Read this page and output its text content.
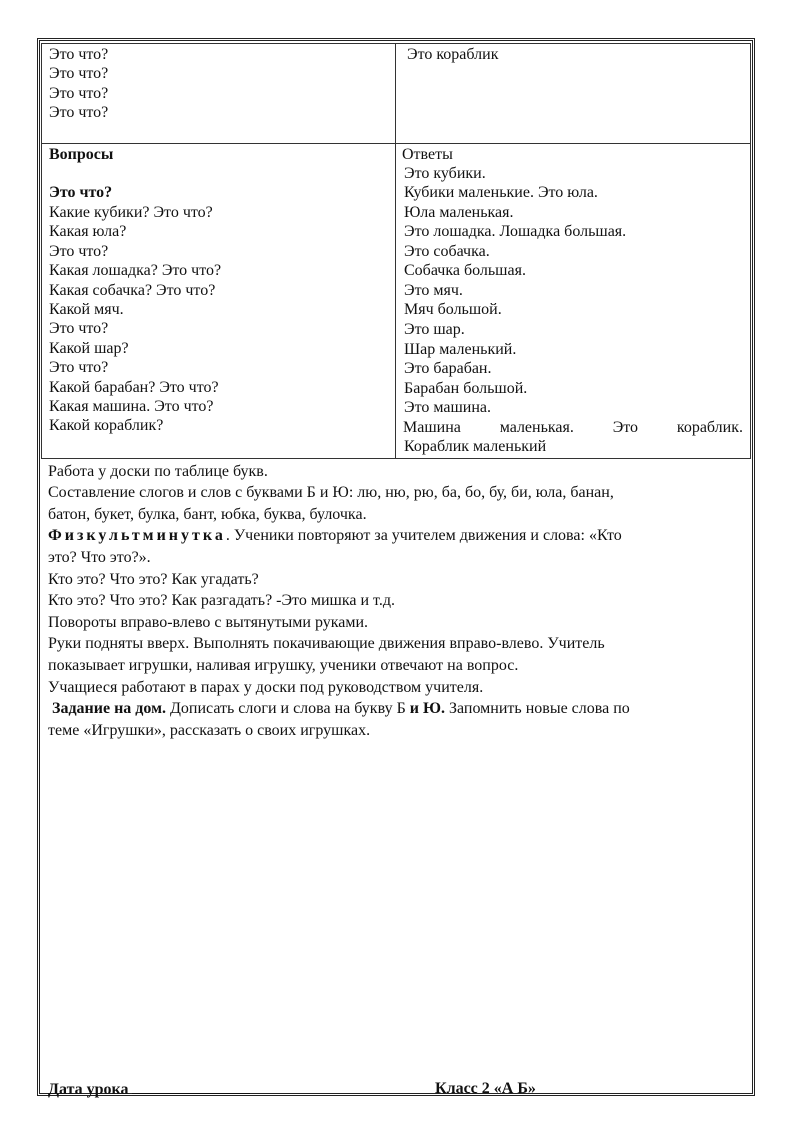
Это что?
Это что?
Это что?
Это что?
Это кораблик
Вопросы
Это что?
Какие кубики? Это что?
Какая юла?
Это что?
Какая лошадка? Это что?
Какая собачка? Это что?
Какой мяч.
Это что?
Какой шар?
Это что?
Какой барабан? Это что?
Какая машина. Это что?
Какой кораблик?
Ответы
Это кубики.
Кубики маленькие. Это юла.
Юла маленькая.
Это лошадка. Лошадка большая.
Это собачка.
Собачка большая.
Это мяч.
Мяч большой.
Это шар.
Шар маленький.
Это барабан.
Барабан большой.
Это машина.
Машина маленькая. Это кораблик.
Кораблик маленький
Работа у доски по таблице букв.
Составление слогов и слов с буквами Б и Ю: лю, ню, рю, ба, бо, бу, би, юла, банан,
батон, букет, булка, бант, юбка, буква, булочка.
Физкультминутка. Ученики повторяют за учителем движения и слова: «Кто
это? Что это?».
Кто это? Что это? Как угадать?
Кто это? Что это? Как разгадать? -Это мишка и т.д.
Повороты вправо-влево с вытянутыми руками.
Руки подняты вверх. Выполнять покачивающие движения вправо-влево. Учитель
показывает игрушки, наливая игрушку, ученики отвечают на вопрос.
Учащиеся работают в парах у доски под руководством учителя.
Задание на дом. Дописать слоги и слова на букву Б и Ю. Запомнить новые слова по
теме «Игрушки», рассказать о своих игрушках.
Дата урока	Класс 2 «А Б»
